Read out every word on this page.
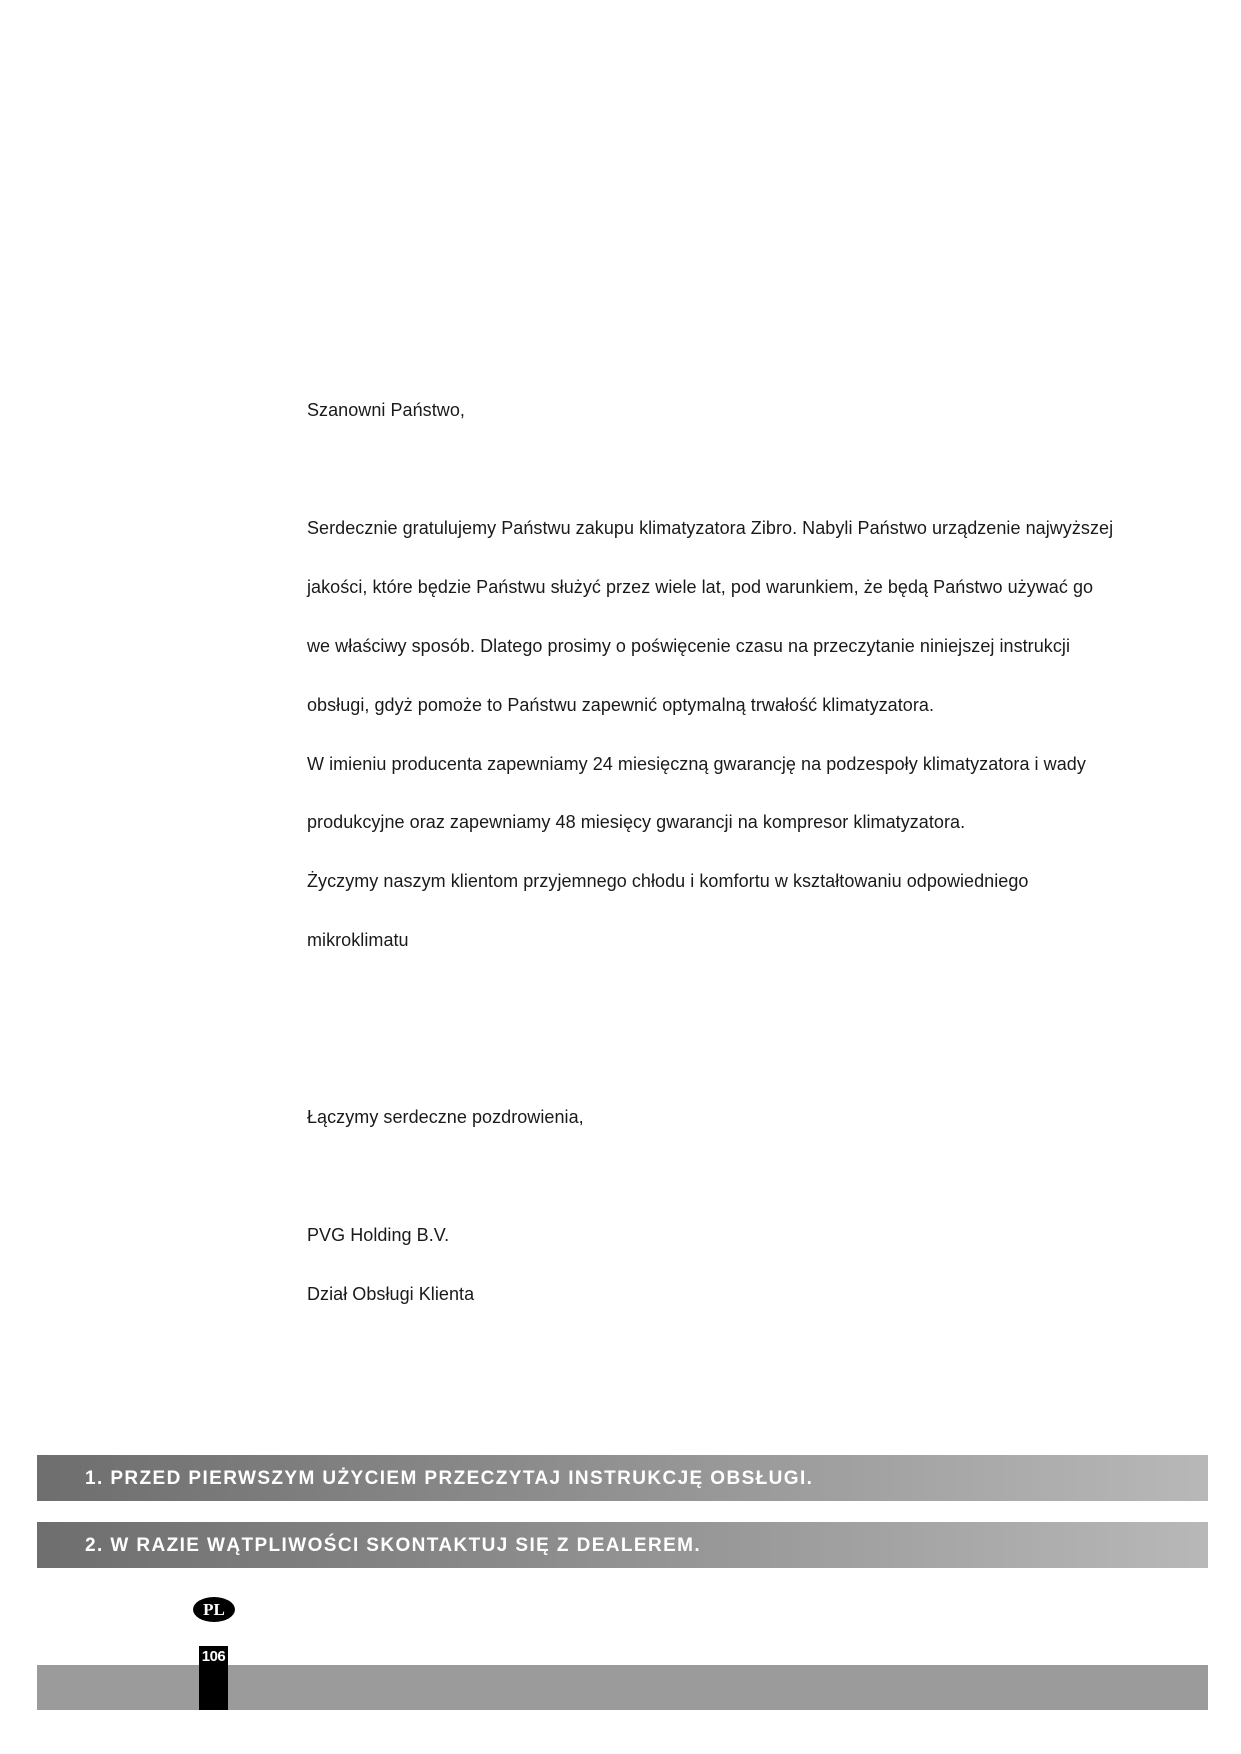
Szanowni Państwo,
Serdecznie gratulujemy Państwu zakupu klimatyzatora Zibro. Nabyli Państwo urządzenie najwyższej
jakości, które będzie Państwu służyć przez wiele lat, pod warunkiem, że będą Państwo używać go
we właściwy sposób. Dlatego prosimy o poświęcenie czasu na przeczytanie niniejszej instrukcji
obsługi, gdyż pomoże to Państwu zapewnić optymalną trwałość klimatyzatora.
W imieniu producenta zapewniamy 24 miesięczną gwarancję na podzespoły klimatyzatora i wady
produkcyjne oraz zapewniamy 48 miesięcy gwarancji na kompresor klimatyzatora.
Życzymy naszym klientom przyjemnego chłodu i komfortu w kształtowaniu odpowiedniego
mikroklimatu
Łączymy serdeczne pozdrowienia,
PVG Holding B.V.
Dział Obsługi Klienta
1. PRZED PIERWSZYM UŻYCIEM PRZECZYTAJ INSTRUKCJĘ OBSŁUGI.
2. W RAZIE WĄTPLIWOŚCI SKONTAKTUJ SIĘ Z DEALEREM.
PL
106
